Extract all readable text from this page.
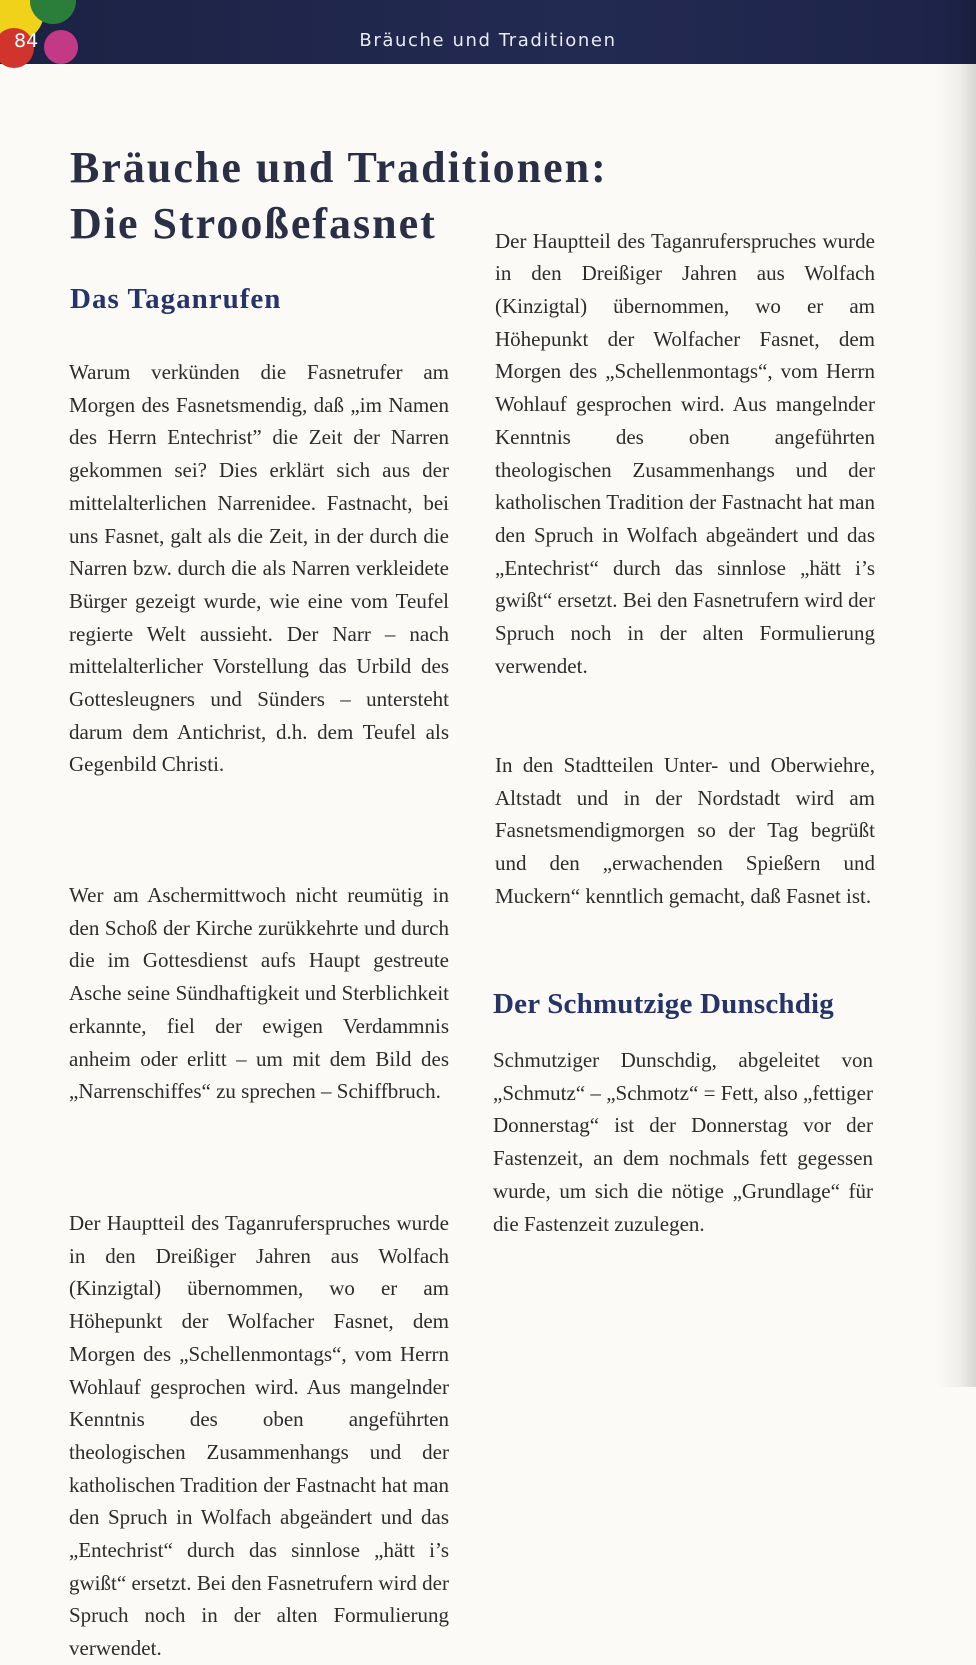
84	Bräuche und Traditionen
Bräuche und Traditionen:
Die Strooßefasnet
Das Taganrufen

Warum verkünden die Fasnetrufer am Morgen des Fasnetsmendig, daß „im Namen des Herrn Entechrist” die Zeit der Narren gekommen sei? Dies erklärt sich aus der mittelalterlichen Narrenidee. Fastnacht, bei uns Fasnet, galt als die Zeit, in der durch die Narren bzw. durch die als Narren verkleidete Bürger gezeigt wurde, wie eine vom Teufel regierte Welt aussieht. Der Narr – nach mittelalterlicher Vorstellung das Urbild des Gottesleugners und Sünders – untersteht darum dem Antichrist, d.h. dem Teufel als Gegenbild Christi.

Wer am Aschermittwoch nicht reumütig in den Schoß der Kirche zurükkehrte und durch die im Gottesdienst aufs Haupt gestreute Asche seine Sündhaftigkeit und Sterblichkeit erkannte, fiel der ewigen Verdammnis anheim oder erlitt – um mit dem Bild des „Narrenschiffes“ zu sprechen – Schiffbruch.

Der Hauptteil des Taganruferspruches wurde in den Dreißiger Jahren aus Wolfach (Kinzigtal) übernommen, wo er am Höhepunkt der Wolfacher Fasnet, dem Morgen des „Schellenmontags“, vom Herrn Wohlauf gesprochen wird. Aus mangelnder Kenntnis des oben angeführten theologischen Zusammenhangs und der katholischen Tradition der Fastnacht hat man den Spruch in Wolfach abgeändert und das „Entechrist“ durch das sinnlose „hätt i’s gwißt“ ersetzt. Bei den Fasnetrufern wird der Spruch noch in der alten Formulierung verwendet.

Der Hauptteil des Taganruferspruches wurde in den Dreißiger Jahren aus Wolfach (Kinzigtal) übernommen, wo er am Höhepunkt der Wolfacher Fasnet, dem Morgen des „Schellenmontags“, vom Herrn Wohlauf gesprochen wird. Aus mangelnder Kenntnis des oben angeführten theologischen Zusammenhangs und der katholischen Tradition der Fastnacht hat man den Spruch in Wolfach abgeändert und das „Entechrist“ durch das sinnlose „hätt i’s gwißt“ ersetzt. Bei den Fasnetrufern wird der Spruch noch in der alten Formulierung verwendet.

In den Stadtteilen Unter- und Oberwiehre, Altstadt und in der Nordstadt wird am Fasnetsmendigmorgen so der Tag begrüßt und den „erwachenden Spießern und Muckern“ kenntlich gemacht, daß Fasnet ist.

Der Schmutzige Dunschdig

Schmutziger Dunschdig, abgeleitet von „Schmutz“ – „Schmotz“ = Fett, also „fettiger Donnerstag“ ist der Donnerstag vor der Fastenzeit, an dem nochmals fett gegessen wurde, um sich die nötige „Grundlage“ für die Fastenzeit zuzulegen.
